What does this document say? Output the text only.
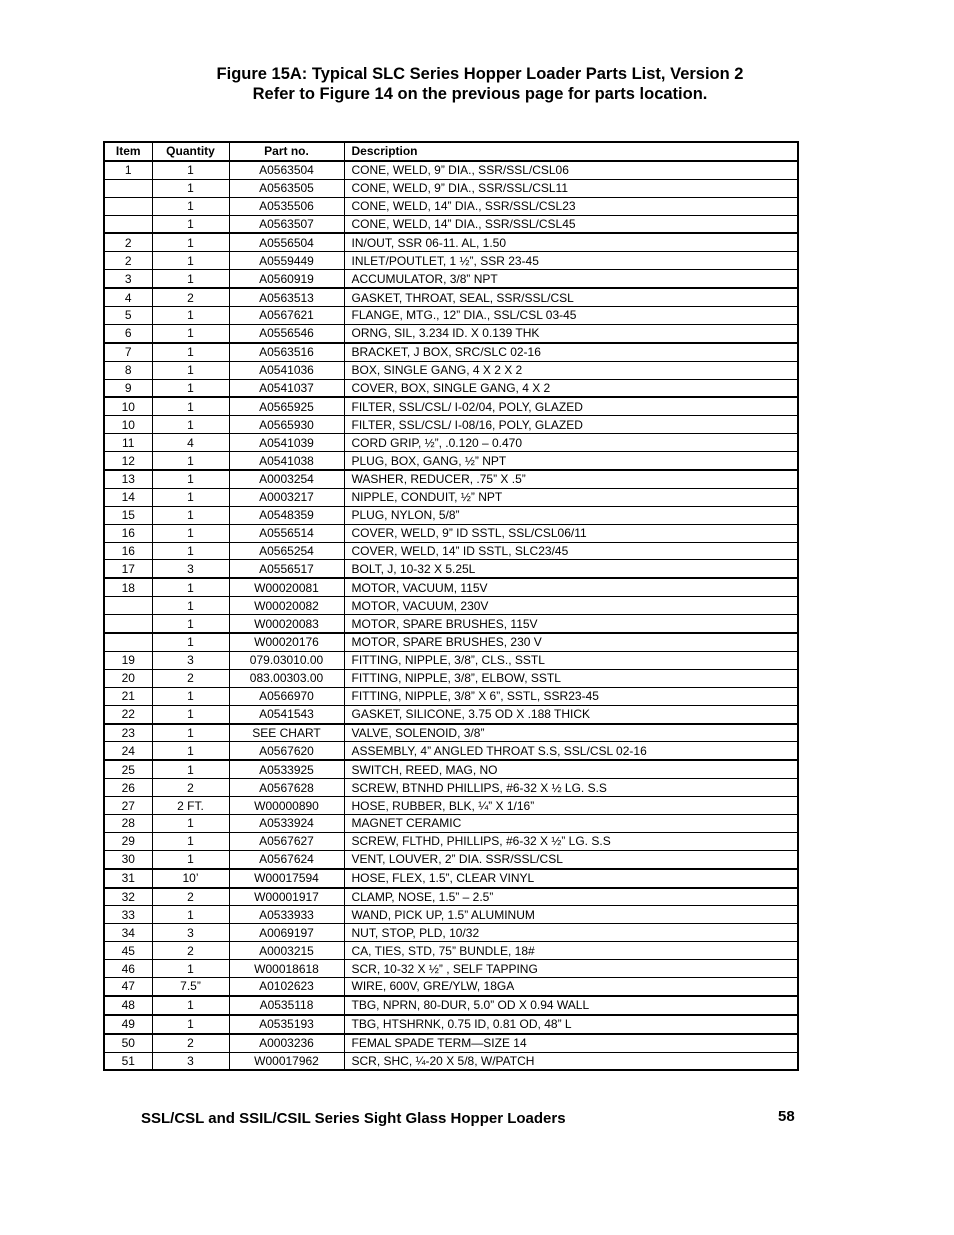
Figure 15A: Typical SLC Series Hopper Loader Parts List, Version 2
Refer to Figure 14 on the previous page for parts location.
Item	Quantity	Part no.	Description
1	1	A0563504	CONE, WELD, 9” DIA., SSR/SSL/CSL06
	1	A0563505	CONE, WELD, 9” DIA., SSR/SSL/CSL11
	1	A0535506	CONE, WELD, 14” DIA., SSR/SSL/CSL23
	1	A0563507	CONE, WELD, 14” DIA., SSR/SSL/CSL45
2	1	A0556504	IN/OUT, SSR 06-11. AL, 1.50
2	1	A0559449	INLET/POUTLET, 1 ½”, SSR 23-45
3	1	A0560919	ACCUMULATOR, 3/8” NPT
4	2	A0563513	GASKET, THROAT, SEAL, SSR/SSL/CSL
5	1	A0567621	FLANGE, MTG., 12” DIA., SSL/CSL 03-45
6	1	A0556546	ORNG, SIL, 3.234 ID. X 0.139 THK
7	1	A0563516	BRACKET, J BOX, SRC/SLC 02-16
8	1	A0541036	BOX, SINGLE GANG, 4 X 2 X 2
9	1	A0541037	COVER, BOX, SINGLE GANG, 4 X 2
10	1	A0565925	FILTER, SSL/CSL/ I-02/04, POLY, GLAZED
10	1	A0565930	FILTER, SSL/CSL/ I-08/16, POLY, GLAZED
11	4	A0541039	CORD GRIP, ½”, .0.120 – 0.470
12	1	A0541038	PLUG, BOX, GANG, ½” NPT
13	1	A0003254	WASHER, REDUCER, .75” X .5”
14	1	A0003217	NIPPLE, CONDUIT, ½” NPT
15	1	A0548359	PLUG, NYLON, 5/8”
16	1	A0556514	COVER, WELD, 9” ID SSTL, SSL/CSL06/11
16	1	A0565254	COVER, WELD, 14” ID SSTL, SLC23/45
17	3	A0556517	BOLT, J, 10-32 X 5.25L
18	1	W00020081	MOTOR, VACUUM, 115V
	1	W00020082	MOTOR, VACUUM, 230V
	1	W00020083	MOTOR, SPARE BRUSHES, 115V
	1	W00020176	MOTOR, SPARE BRUSHES, 230 V
19	3	079.03010.00	FITTING, NIPPLE, 3/8”, CLS., SSTL
20	2	083.00303.00	FITTING, NIPPLE, 3/8”, ELBOW, SSTL
21	1	A0566970	FITTING, NIPPLE, 3/8” X 6”, SSTL, SSR23-45
22	1	A0541543	GASKET, SILICONE, 3.75 OD X .188 THICK
23	1	SEE CHART	VALVE, SOLENOID, 3/8”
24	1	A0567620	ASSEMBLY, 4” ANGLED THROAT S.S, SSL/CSL 02-16
25	1	A0533925	SWITCH, REED, MAG, NO
26	2	A0567628	SCREW, BTNHD PHILLIPS, #6-32 X ½ LG. S.S
27	2 FT.	W00000890	HOSE, RUBBER, BLK, ¼” X 1/16”
28	1	A0533924	MAGNET CERAMIC
29	1	A0567627	SCREW, FLTHD, PHILLIPS, #6-32 X ½” LG. S.S
30	1	A0567624	VENT, LOUVER, 2” DIA. SSR/SSL/CSL
31	10’	W00017594	HOSE, FLEX, 1.5”, CLEAR VINYL
32	2	W00001917	CLAMP, NOSE, 1.5” – 2.5”
33	1	A0533933	WAND, PICK UP, 1.5” ALUMINUM
34	3	A0069197	NUT, STOP, PLD, 10/32
45	2	A0003215	CA, TIES, STD, 75” BUNDLE, 18#
46	1	W00018618	SCR, 10-32 X ½” , SELF TAPPING
47	7.5”	A0102623	WIRE, 600V, GRE/YLW, 18GA
48	1	A0535118	TBG, NPRN, 80-DUR, 5.0” OD X 0.94 WALL
49	1	A0535193	TBG, HTSHRNK, 0.75 ID, 0.81 OD, 48” L
50	2	A0003236	FEMAL SPADE TERM—SIZE 14
51	3	W00017962	SCR, SHC, ¼-20 X 5/8, W/PATCH
SSL/CSL and SSIL/CSIL Series Sight Glass Hopper Loaders	58
